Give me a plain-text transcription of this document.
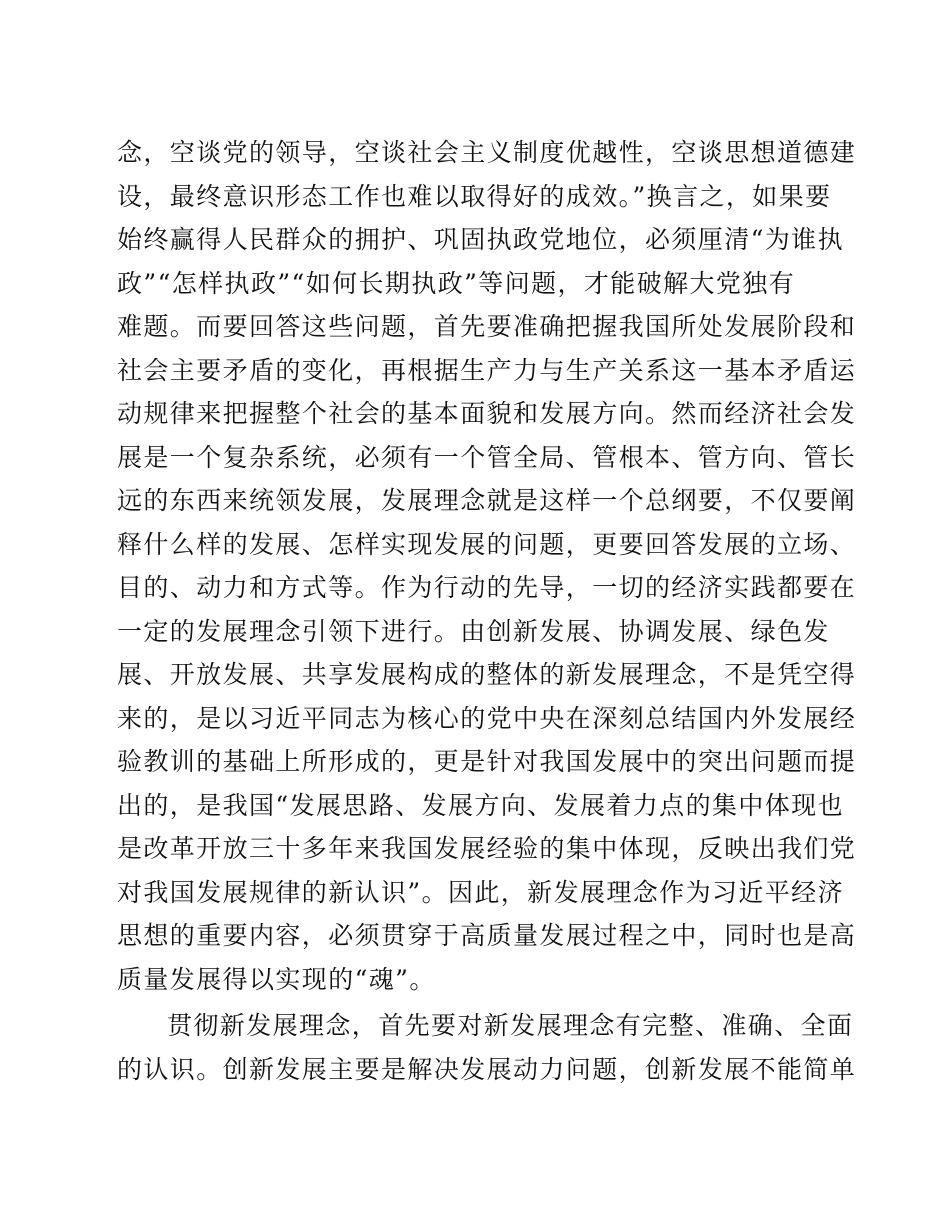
念，空谈党的领导，空谈社会主义制度优越性，空谈思想道德建
设，最终意识形态工作也难以取得好的成效。”换言之，如果要
始终赢得人民群众的拥护、巩固执政党地位，必须厘清“为谁执
政”“怎样执政”“如何长期执政”等问题，才能破解大党独有
难题。而要回答这些问题，首先要准确把握我国所处发展阶段和
社会主要矛盾的变化，再根据生产力与生产关系这一基本矛盾运
动规律来把握整个社会的基本面貌和发展方向。然而经济社会发
展是一个复杂系统，必须有一个管全局、管根本、管方向、管长
远的东西来统领发展，发展理念就是这样一个总纲要，不仅要阐
释什么样的发展、怎样实现发展的问题，更要回答发展的立场、
目的、动力和方式等。作为行动的先导，一切的经济实践都要在
一定的发展理念引领下进行。由创新发展、协调发展、绿色发
展、开放发展、共享发展构成的整体的新发展理念，不是凭空得
来的，是以习近平同志为核心的党中央在深刻总结国内外发展经
验教训的基础上所形成的，更是针对我国发展中的突出问题而提
出的，是我国“发展思路、发展方向、发展着力点的集中体现也
是改革开放三十多年来我国发展经验的集中体现，反映出我们党
对我国发展规律的新认识”。因此，新发展理念作为习近平经济
思想的重要内容，必须贯穿于高质量发展过程之中，同时也是高
质量发展得以实现的“魂”。
贯彻新发展理念，首先要对新发展理念有完整、准确、全面
的认识。创新发展主要是解决发展动力问题，创新发展不能简单
